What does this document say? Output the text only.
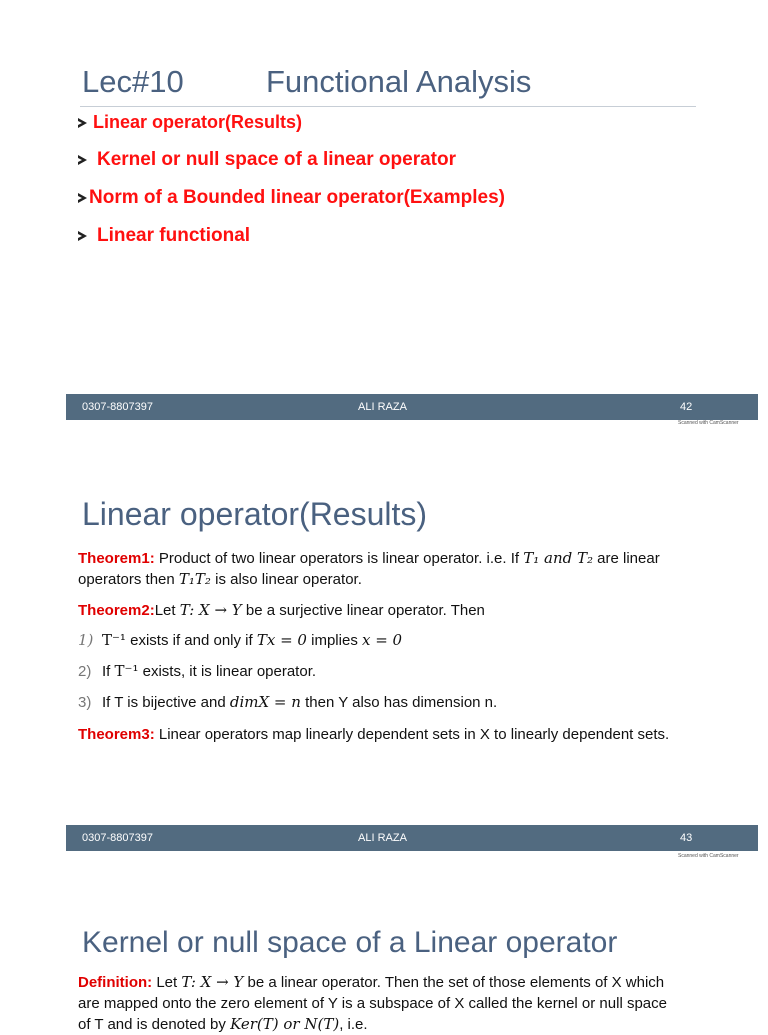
Lec#10	Functional Analysis
Linear operator(Results)
Kernel or null space of a linear operator
Norm of a Bounded linear operator(Examples)
Linear functional
0307-8807397	ALI RAZA	42
Scanned with CamScanner
Linear operator(Results)
Theorem1: Product of two linear operators is linear operator. i.e. If T₁ and T₂ are linear
operators then T₁T₂ is also linear operator.
Theorem2:Let T: X → Y be a surjective linear operator. Then
1) T⁻¹ exists if and only if Tx = 0 implies x = 0
2) If T⁻¹ exists, it is linear operator.
3) If T is bijective and dimX = n then Y also has dimension n.
Theorem3: Linear operators map linearly dependent sets in X to linearly dependent sets.
0307-8807397	ALI RAZA	43
Scanned with CamScanner
Kernel or null space of a Linear operator
Definition: Let T: X → Y be a linear operator. Then the set of those elements of X which
are mapped onto the zero element of Y is a subspace of X called the kernel or null space
of T and is denoted by Ker(T) or N(T), i.e.
